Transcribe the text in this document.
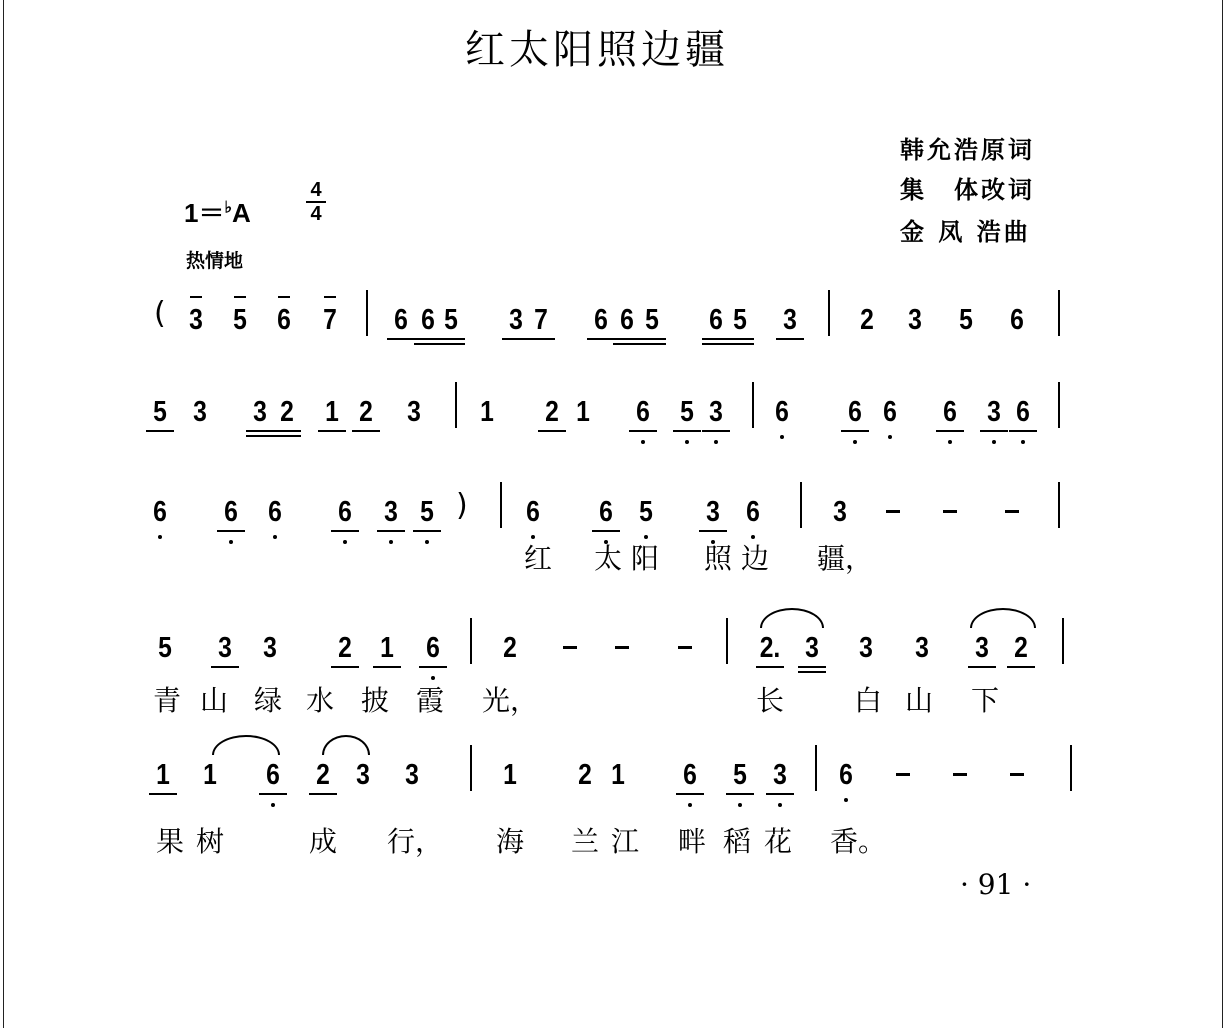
红太阳照边疆
韩允浩原词
集　体改词
金 凤 浩曲
1＝♭A
4
4
热情地
( 3 5 6 7 6 6 5 3 7 6 6 5 6 5 3 2 3 5 6
5 3 3 2 1 2 3 1 2 1 6 5 3 6 6 6 6 3 6
6 6 6 6 3 5 ) 6 6 5 3 6	3
红 太 阳 照 边 疆，
5 3 3 2 1 6 2	2. 3 3 3 3 2
青 山 绿 水 披 霞 光，	长 白 山 下
1 1 6 2 3 3	1 2 1 6 5 3 6
果 树	成 行， 海 兰 江 畔 稻 花 香。
· 91 ·
